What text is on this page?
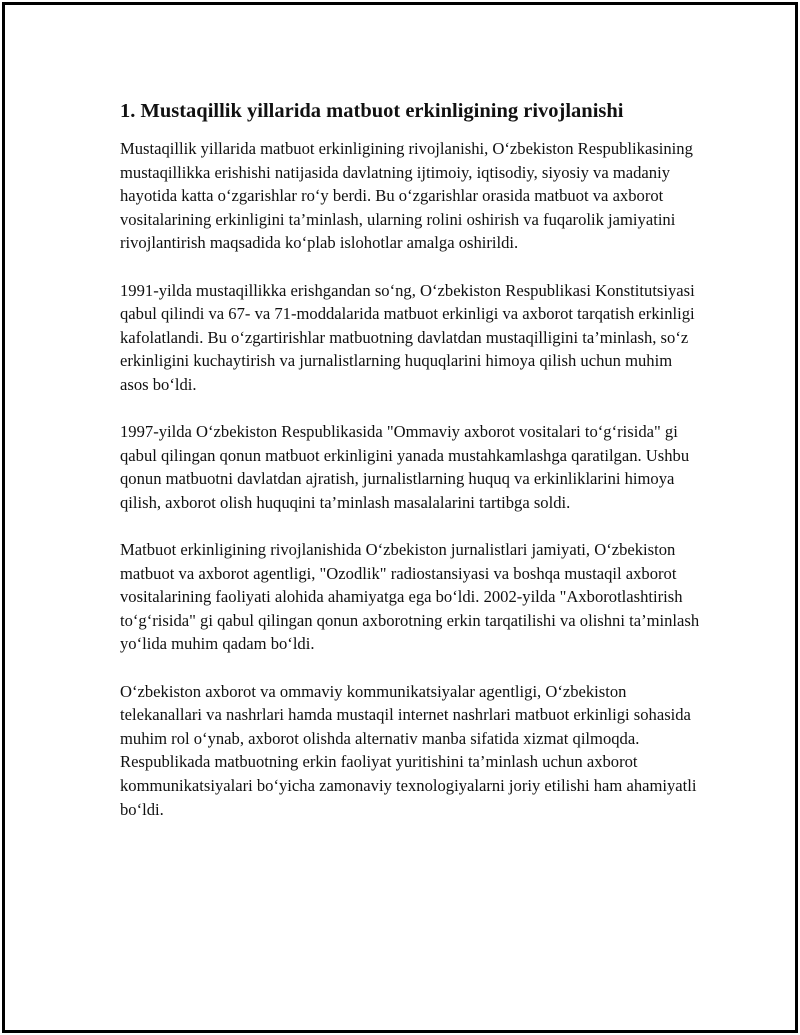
1. Mustaqillik yillarida matbuot erkinligining rivojlanishi

Mustaqillik yillarida matbuot erkinligining rivojlanishi, O‘zbekiston Respublikasining mustaqillikka erishishi natijasida davlatning ijtimoiy, iqtisodiy, siyosiy va madaniy hayotida katta o‘zgarishlar ro‘y berdi. Bu o‘zgarishlar orasida matbuot va axborot vositalarining erkinligini ta’minlash, ularning rolini oshirish va fuqarolik jamiyatini rivojlantirish maqsadida ko‘plab islohotlar amalga oshirildi.

1991-yilda mustaqillikka erishgandan so‘ng, O‘zbekiston Respublikasi Konstitutsiyasi qabul qilindi va 67- va 71-moddalarida matbuot erkinligi va axborot tarqatish erkinligi kafolatlandi. Bu o‘zgartirishlar matbuotning davlatdan mustaqilligini ta’minlash, so‘z erkinligini kuchaytirish va jurnalistlarning huquqlarini himoya qilish uchun muhim asos bo‘ldi.

1997-yilda O‘zbekiston Respublikasida "Ommaviy axborot vositalari to‘g‘risida" gi qabul qilingan qonun matbuot erkinligini yanada mustahkamlashga qaratilgan. Ushbu qonun matbuotni davlatdan ajratish, jurnalistlarning huquq va erkinliklarini himoya qilish, axborot olish huquqini ta’minlash masalalarini tartibga soldi.

Matbuot erkinligining rivojlanishida O‘zbekiston jurnalistlari jamiyati, O‘zbekiston matbuot va axborot agentligi, "Ozodlik" radiostansiyasi va boshqa mustaqil axborot vositalarining faoliyati alohida ahamiyatga ega bo‘ldi. 2002-yilda "Axborotlashtirish to‘g‘risida" gi qabul qilingan qonun axborotning erkin tarqatilishi va olishni ta’minlash yo‘lida muhim qadam bo‘ldi.

O‘zbekiston axborot va ommaviy kommunikatsiyalar agentligi, O‘zbekiston telekanallari va nashrlari hamda mustaqil internet nashrlari matbuot erkinligi sohasida muhim rol o‘ynab, axborot olishda alternativ manba sifatida xizmat qilmoqda. Respublikada matbuotning erkin faoliyat yuritishini ta’minlash uchun axborot kommunikatsiyalari bo‘yicha zamonaviy texnologiyalarni joriy etilishi ham ahamiyatli bo‘ldi.
